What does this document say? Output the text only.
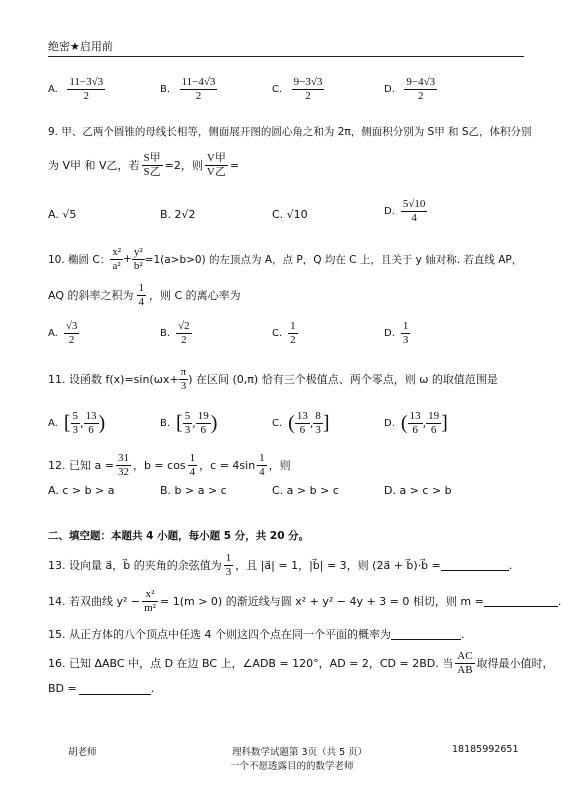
绝密★启用前
A. $\frac{11-3√3}{2}$	B. $\frac{11-4√3}{2}$	C. $\frac{9-3√3}{2}$	D. $\frac{9-4√3}{2}$
9. 甲、乙两个圆锥的母线长相等，侧面展开图的圆心角之和为 2π，侧面积分别为 S甲 和 S乙，体积分别
为 V甲 和 V乙，若 $\frac{\text{S甲}}{\text{S乙}} =2$，则 $\frac{\text{V甲}}{\text{V乙}}$ =
A. √5	B. 2√2	C. √10	D. $\frac{5√10}{4}$
10. 椭圆 C： $\frac{\text{x²}}{\text{a²}} + \frac{\text{y²}}{\text{b²}} =1(a>b>0)$ 的左顶点为 A，点 P，Q 均在 C 上，且关于 y 轴对称. 若直线 AP，
AQ 的斜率之积为 $\frac{1}{4}$ ，则 C 的离心率为
A. $\frac{√3}{2}$	B. $\frac{√2}{2}$	C. $\frac{1}{2}$	D. $\frac{1}{3}$
11. 设函数 $f(x)=\sin(\omega x+ \frac{\pi}{3}$ ) 在区间 (0,π) 恰有三个极值点、两个零点，则 ω 的取值范围是
A. [ $\frac{5}{3}$ , $\frac{13}{6}$ )	B. [ $\frac{5}{3}$ , $\frac{19}{6}$ )	C. ( $\frac{13}{6}$ , $\frac{8}{3}$ ]	D. ( $\frac{13}{6}$ , $\frac{19}{6}$ ]
12. 已知 $a = \frac{31}{32}$ ，$b = \cos \frac{1}{4}$ ，$c = 4\sin \frac{1}{4}$ ，则
A. c > b > a	B. b > a > c	C. a > b > c	D. a > c > b
二、填空题：本题共 4 小题，每小题 5 分，共 20 分。
13. 设向量 a⃗，b⃗ 的夹角的余弦值为 $\frac{1}{3}$ ，且 |a⃗| = 1，|b⃗| = 3，则 (2a⃗ + b⃗)·b⃗ =	.
14. 若双曲线 $y^2 - \frac{\text{x²}}{\text{m²}} = 1(m > 0)$ 的渐近线与圆 x² + y² − 4y + 3 = 0 相切，则 m =	.
15. 从正方体的八个顶点中任选 4 个则这四个点在同一个平面的概率为	.
16. 已知 ΔABC 中，点 D 在边 BC 上，∠ADB = 120°，AD = 2，CD = 2BD. 当 $\frac{AC}{AB}$ 取得最小值时，
BD =	.
胡老师	理科数学试题第 3页（共 5 页）	18185992651
一个不愿透露目的的数学老师
